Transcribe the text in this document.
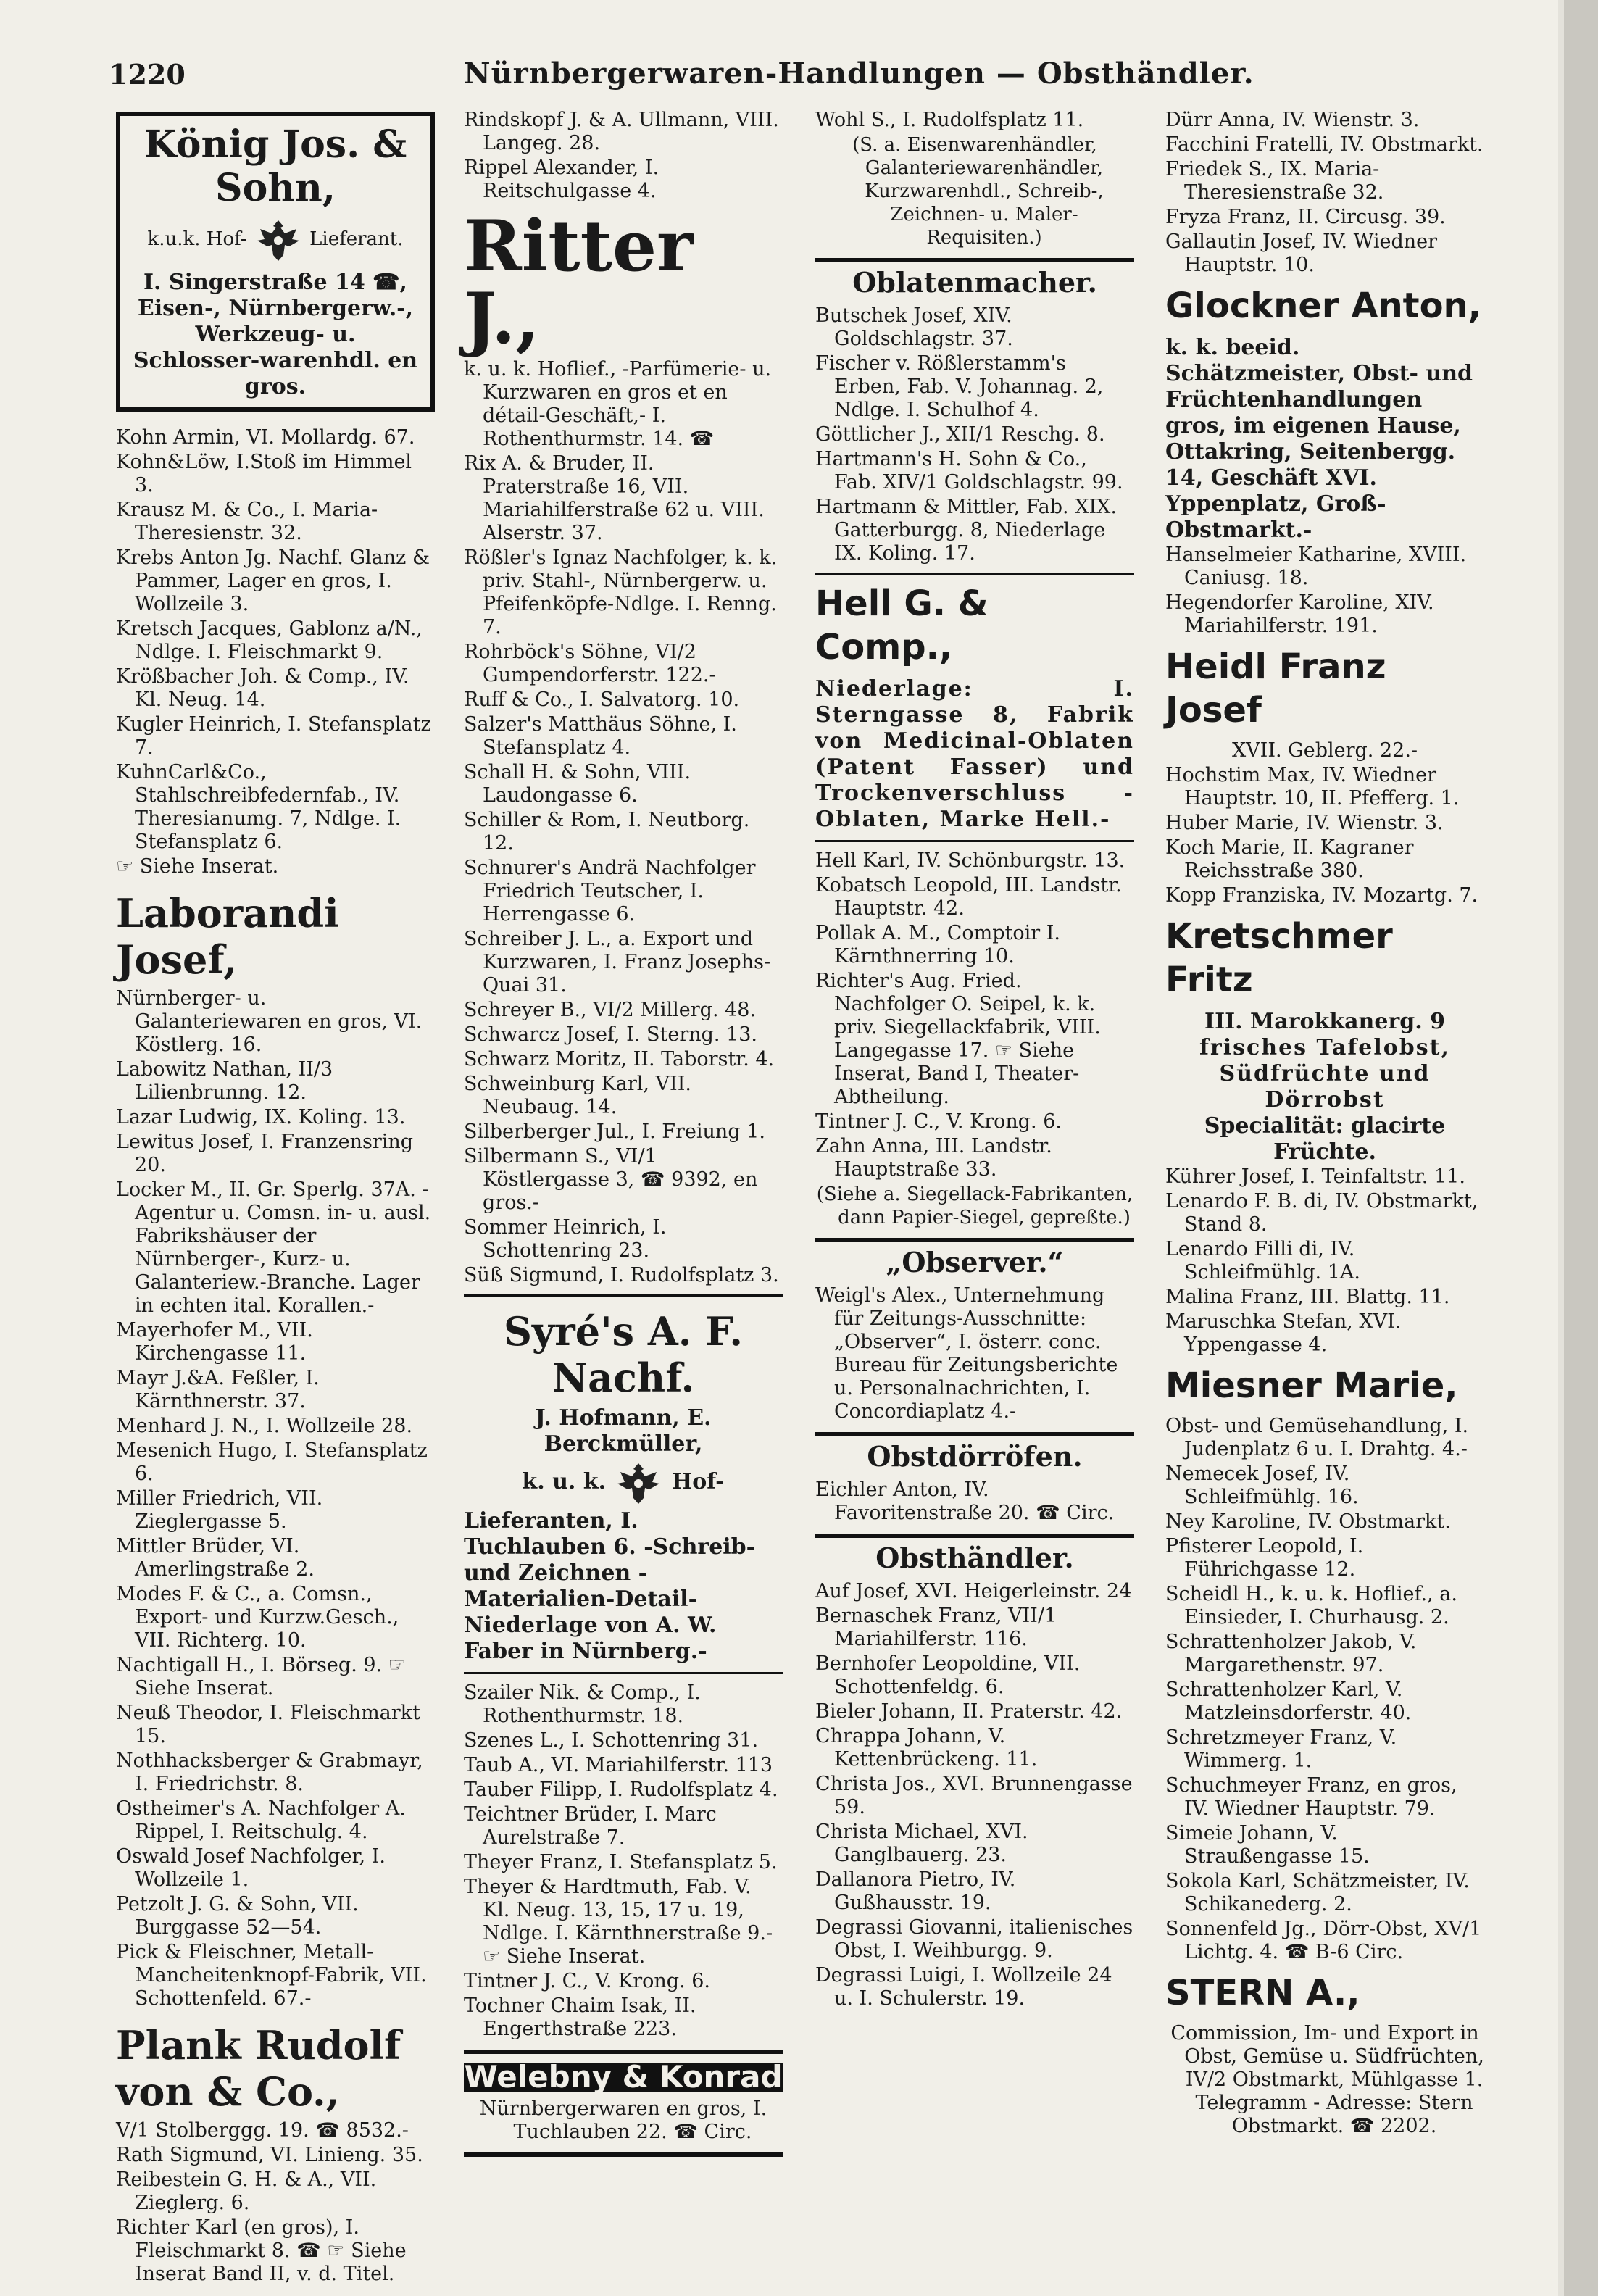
1220	Nürnbergerwaren-Handlungen — Obsthändler.
König Jos. & Sohn,
k.u.k. Hof-	Lieferant.
I. Singerstraße 14 ☎, Eisen-, Nürnbergerw.-, Werkzeug- u. Schlosser-warenhdl. en gros.

Kohn Armin, VI. Mollardg. 67.

Kohn&Löw, I.Stoß im Himmel 3.

Krausz M. & Co., I. Maria-Theresienstr. 32.

Krebs Anton Jg. Nachf. Glanz & Pammer, Lager en gros, I. Wollzeile 3.

Kretsch Jacques, Gablonz a/N., Ndlge. I. Fleischmarkt 9.

Krößbacher Joh. & Comp., IV. Kl. Neug. 14.

Kugler Heinrich, I. Stefansplatz 7.

KuhnCarl&Co., Stahlschreibfedernfab., IV. Theresianumg. 7, Ndlge. I. Stefansplatz 6.

☞ Siehe Inserat.

Laborandi Josef,

Nürnberger- u. Galanteriewaren en gros, VI. Köstlerg. 16.

Labowitz Nathan, II/3 Lilienbrunng. 12.

Lazar Ludwig, IX. Koling. 13.

Lewitus Josef, I. Franzensring 20.

Locker M., II. Gr. Sperlg. 37A. -Agentur u. Comsn. in- u. ausl. Fabrikshäuser der Nürnberger-, Kurz- u. Galanteriew.-Branche. Lager in echten ital. Korallen.-

Mayerhofer M., VII. Kirchengasse 11.

Mayr J.&A. Feßler, I. Kärnthnerstr. 37.

Menhard J. N., I. Wollzeile 28.

Mesenich Hugo, I. Stefansplatz 6.

Miller Friedrich, VII. Zieglergasse 5.

Mittler Brüder, VI. Amerlingstraße 2.

Modes F. & C., a. Comsn., Export- und Kurzw.Gesch., VII. Richterg. 10.

Nachtigall H., I. Börseg. 9. ☞ Siehe Inserat.

Neuß Theodor, I. Fleischmarkt 15.

Nothhacksberger & Grabmayr, I. Friedrichstr. 8.

Ostheimer's A. Nachfolger A. Rippel, I. Reitschulg. 4.

Oswald Josef Nachfolger, I. Wollzeile 1.

Petzolt J. G. & Sohn, VII. Burggasse 52—54.

Pick & Fleischner, Metall-Mancheitenknopf-Fabrik, VII. Schottenfeld. 67.-

Plank Rudolf von & Co.,

V/1 Stolberggg. 19. ☎ 8532.-

Rath Sigmund, VI. Linieng. 35.

Reibestein G. H. & A., VII. Zieglerg. 6.

Richter Karl (en gros), I. Fleischmarkt 8. ☎ ☞ Siehe Inserat Band II, v. d. Titel.

Rindskopf J. & A. Ullmann, VIII. Langeg. 28.

Rippel Alexander, I. Reitschulgasse 4.

Ritter J.,

k. u. k. Hoflief., -Parfümerie- u. Kurzwaren en gros et en détail-Geschäft,- I. Rothenthurmstr. 14. ☎

Rix A. & Bruder, II. Praterstraße 16, VII. Mariahilferstraße 62 u. VIII. Alserstr. 37.

Rößler's Ignaz Nachfolger, k. k. priv. Stahl-, Nürnbergerw. u. Pfeifenköpfe-Ndlge. I. Renng. 7.

Rohrböck's Söhne, VI/2 Gumpendorferstr. 122.-

Ruff & Co., I. Salvatorg. 10.

Salzer's Matthäus Söhne, I. Stefansplatz 4.

Schall H. & Sohn, VIII. Laudongasse 6.

Schiller & Rom, I. Neutborg. 12.

Schnurer's Andrä Nachfolger Friedrich Teutscher, I. Herrengasse 6.

Schreiber J. L., a. Export und Kurzwaren, I. Franz Josephs-Quai 31.

Schreyer B., VI/2 Millerg. 48.

Schwarcz Josef, I. Sterng. 13.

Schwarz Moritz, II. Taborstr. 4.

Schweinburg Karl, VII. Neubaug. 14.

Silberberger Jul., I. Freiung 1.

Silbermann S., VI/1 Köstlergasse 3, ☎ 9392, en gros.-

Sommer Heinrich, I. Schottenring 23.

Süß Sigmund, I. Rudolfsplatz 3.

Syré's A. F. Nachf.
J. Hofmann, E. Berckmüller,
k. u. k.	Hof-
Lieferanten, I. Tuchlauben 6. -Schreib- und Zeichnen - Materialien-Detail-Niederlage von A. W. Faber in Nürnberg.-

Szailer Nik. & Comp., I. Rothenthurmstr. 18.

Szenes L., I. Schottenring 31.

Taub A., VI. Mariahilferstr. 113

Tauber Filipp, I. Rudolfsplatz 4.

Teichtner Brüder, I. Marc Aurelstraße 7.

Theyer Franz, I. Stefansplatz 5.

Theyer & Hardtmuth, Fab. V. Kl. Neug. 13, 15, 17 u. 19, Ndlge. I. Kärnthnerstraße 9.- ☞ Siehe Inserat.

Tintner J. C., V. Krong. 6.

Tochner Chaim Isak, II. Engerthstraße 223.

Welebny & Konrad

Nürnbergerwaren en gros, I. Tuchlauben 22. ☎ Circ.

Wohl S., I. Rudolfsplatz 11.

(S. a. Eisenwarenhändler, Galanteriewarenhändler, Kurzwarenhdl., Schreib-, Zeichnen- u. Maler-Requisiten.)

Oblatenmacher.

Butschek Josef, XIV. Goldschlagstr. 37.

Fischer v. Rößlerstamm's Erben, Fab. V. Johannag. 2, Ndlge. I. Schulhof 4.

Göttlicher J., XII/1 Reschg. 8.

Hartmann's H. Sohn & Co., Fab. XIV/1 Goldschlagstr. 99.

Hartmann & Mittler, Fab. XIX. Gatterburgg. 8, Niederlage IX. Koling. 17.

Hell G. & Comp.,
Niederlage: I. Sterngasse 8, Fabrik von Medicinal-Oblaten (Patent Fasser) und Trockenverschluss - Oblaten, Marke Hell.-

Hell Karl, IV. Schönburgstr. 13.

Kobatsch Leopold, III. Landstr. Hauptstr. 42.

Pollak A. M., Comptoir I. Kärnthnerring 10.

Richter's Aug. Fried. Nachfolger O. Seipel, k. k. priv. Siegellackfabrik, VIII. Langegasse 17. ☞ Siehe Inserat, Band I, Theater-Abtheilung.

Tintner J. C., V. Krong. 6.

Zahn Anna, III. Landstr. Hauptstraße 33.

(Siehe a. Siegellack-Fabrikanten, dann Papier-Siegel, gepreßte.)

„Observer.“

Weigl's Alex., Unternehmung für Zeitungs-Ausschnitte: „Observer“, I. österr. conc. Bureau für Zeitungsberichte u. Personalnachrichten, I. Concordiaplatz 4.-

Obstdörröfen.

Eichler Anton, IV. Favoritenstraße 20. ☎ Circ.

Obsthändler.

Auf Josef, XVI. Heigerleinstr. 24

Bernaschek Franz, VII/1 Mariahilferstr. 116.

Bernhofer Leopoldine, VII. Schottenfeldg. 6.

Bieler Johann, II. Praterstr. 42.

Chrappa Johann, V. Kettenbrückeng. 11.

Christa Jos., XVI. Brunnengasse 59.

Christa Michael, XVI. Ganglbauerg. 23.

Dallanora Pietro, IV. Gußhausstr. 19.

Degrassi Giovanni, italienisches Obst, I. Weihburgg. 9.

Degrassi Luigi, I. Wollzeile 24 u. I. Schulerstr. 19.

Dürr Anna, IV. Wienstr. 3.

Facchini Fratelli, IV. Obstmarkt.

Friedek S., IX. Maria-Theresienstraße 32.

Fryza Franz, II. Circusg. 39.

Gallautin Josef, IV. Wiedner Hauptstr. 10.

Glockner Anton,
k. k. beeid. Schätzmeister, Obst- und Früchtenhandlungen gros, im eigenen Hause, Ottakring, Seitenbergg. 14, Geschäft XVI. Yppenplatz, Groß-Obstmarkt.-

Hanselmeier Katharine, XVIII. Caniusg. 18.

Hegendorfer Karoline, XIV. Mariahilferstr. 191.

Heidl Franz Josef

XVII. Geblerg. 22.-

Hochstim Max, IV. Wiedner Hauptstr. 10, II. Pfefferg. 1.

Huber Marie, IV. Wienstr. 3.

Koch Marie, II. Kagraner Reichsstraße 380.

Kopp Franziska, IV. Mozartg. 7.

Kretschmer Fritz
III. Marokkanerg. 9
frisches Tafelobst, Südfrüchte und Dörrobst
Specialität: glacirte Früchte.

Kührer Josef, I. Teinfaltstr. 11.

Lenardo F. B. di, IV. Obstmarkt, Stand 8.

Lenardo Filli di, IV. Schleifmühlg. 1A.

Malina Franz, III. Blattg. 11.

Maruschka Stefan, XVI. Yppengasse 4.

Miesner Marie,

Obst- und Gemüsehandlung, I. Judenplatz 6 u. I. Drahtg. 4.-

Nemecek Josef, IV. Schleifmühlg. 16.

Ney Karoline, IV. Obstmarkt.

Pfisterer Leopold, I. Führichgasse 12.

Scheidl H., k. u. k. Hoflief., a. Einsieder, I. Churhausg. 2.

Schrattenholzer Jakob, V. Margarethenstr. 97.

Schrattenholzer Karl, V. Matzleinsdorferstr. 40.

Schretzmeyer Franz, V. Wimmerg. 1.

Schuchmeyer Franz, en gros, IV. Wiedner Hauptstr. 79.

Simeie Johann, V. Straußengasse 15.

Sokola Karl, Schätzmeister, IV. Schikanederg. 2.

Sonnenfeld Jg., Dörr-Obst, XV/1 Lichtg. 4. ☎ B-6 Circ.

STERN A.,

Commission, Im- und Export in Obst, Gemüse u. Südfrüchten, IV/2 Obstmarkt, Mühlgasse 1. Telegramm - Adresse: Stern Obstmarkt. ☎ 2202.
